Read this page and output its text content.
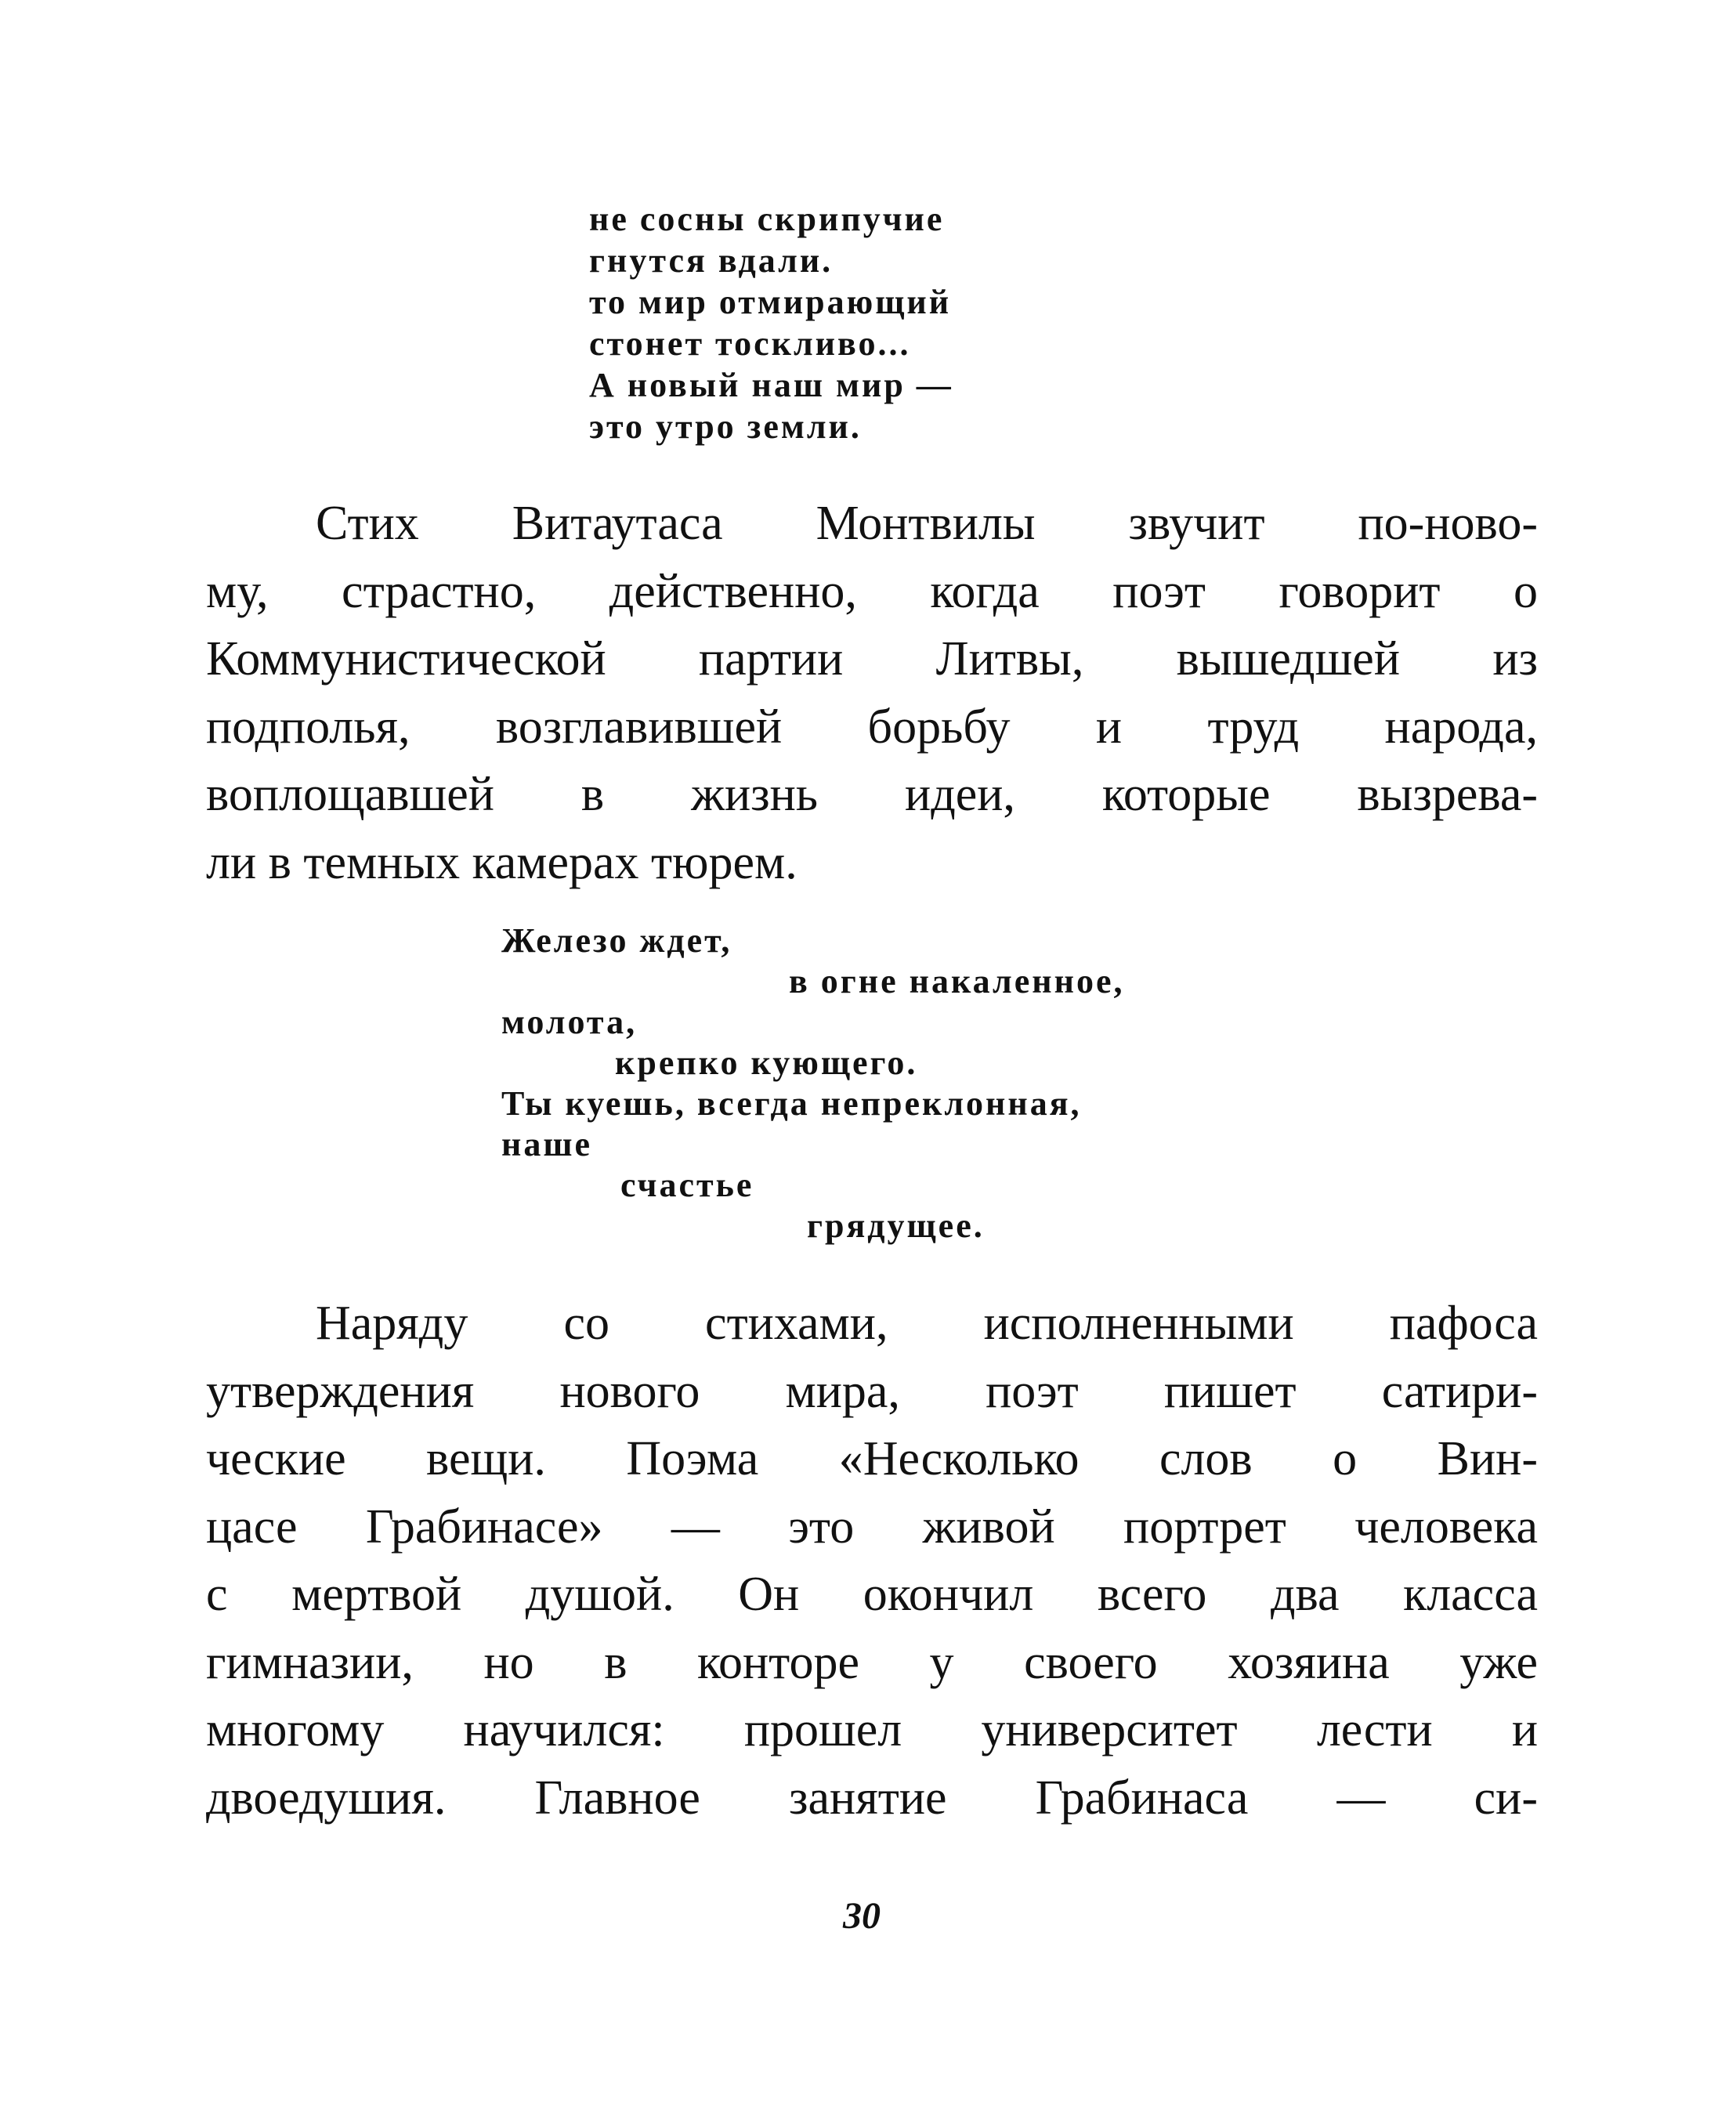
не сосны скрипучие
гнутся вдали.
то мир отмирающий
стонет тоскливо...
А новый наш мир —
это утро земли.
Стих Витаутаса Монтвилы звучит по-ново-
му, страстно, действенно, когда поэт говорит о
Коммунистической партии Литвы, вышедшей из
подполья, возглавившей борьбу и труд народа,
воплощавшей в жизнь идеи, которые вызрева-
ли в темных камерах тюрем.
Железо ждет,
в огне накаленное,
молота,
крепко кующего.
Ты куешь, всегда непреклонная,
наше
счастье
грядущее.
Наряду со стихами, исполненными пафоса
утверждения нового мира, поэт пишет сатири-
ческие вещи. Поэма «Несколько слов о Вин-
цасе Грабинасе» — это живой портрет человека
с мертвой душой. Он окончил всего два класса
гимназии, но в конторе у своего хозяина уже
многому научился: прошел университет лести и
двоедушия. Главное занятие Грабинаса — си-
30
